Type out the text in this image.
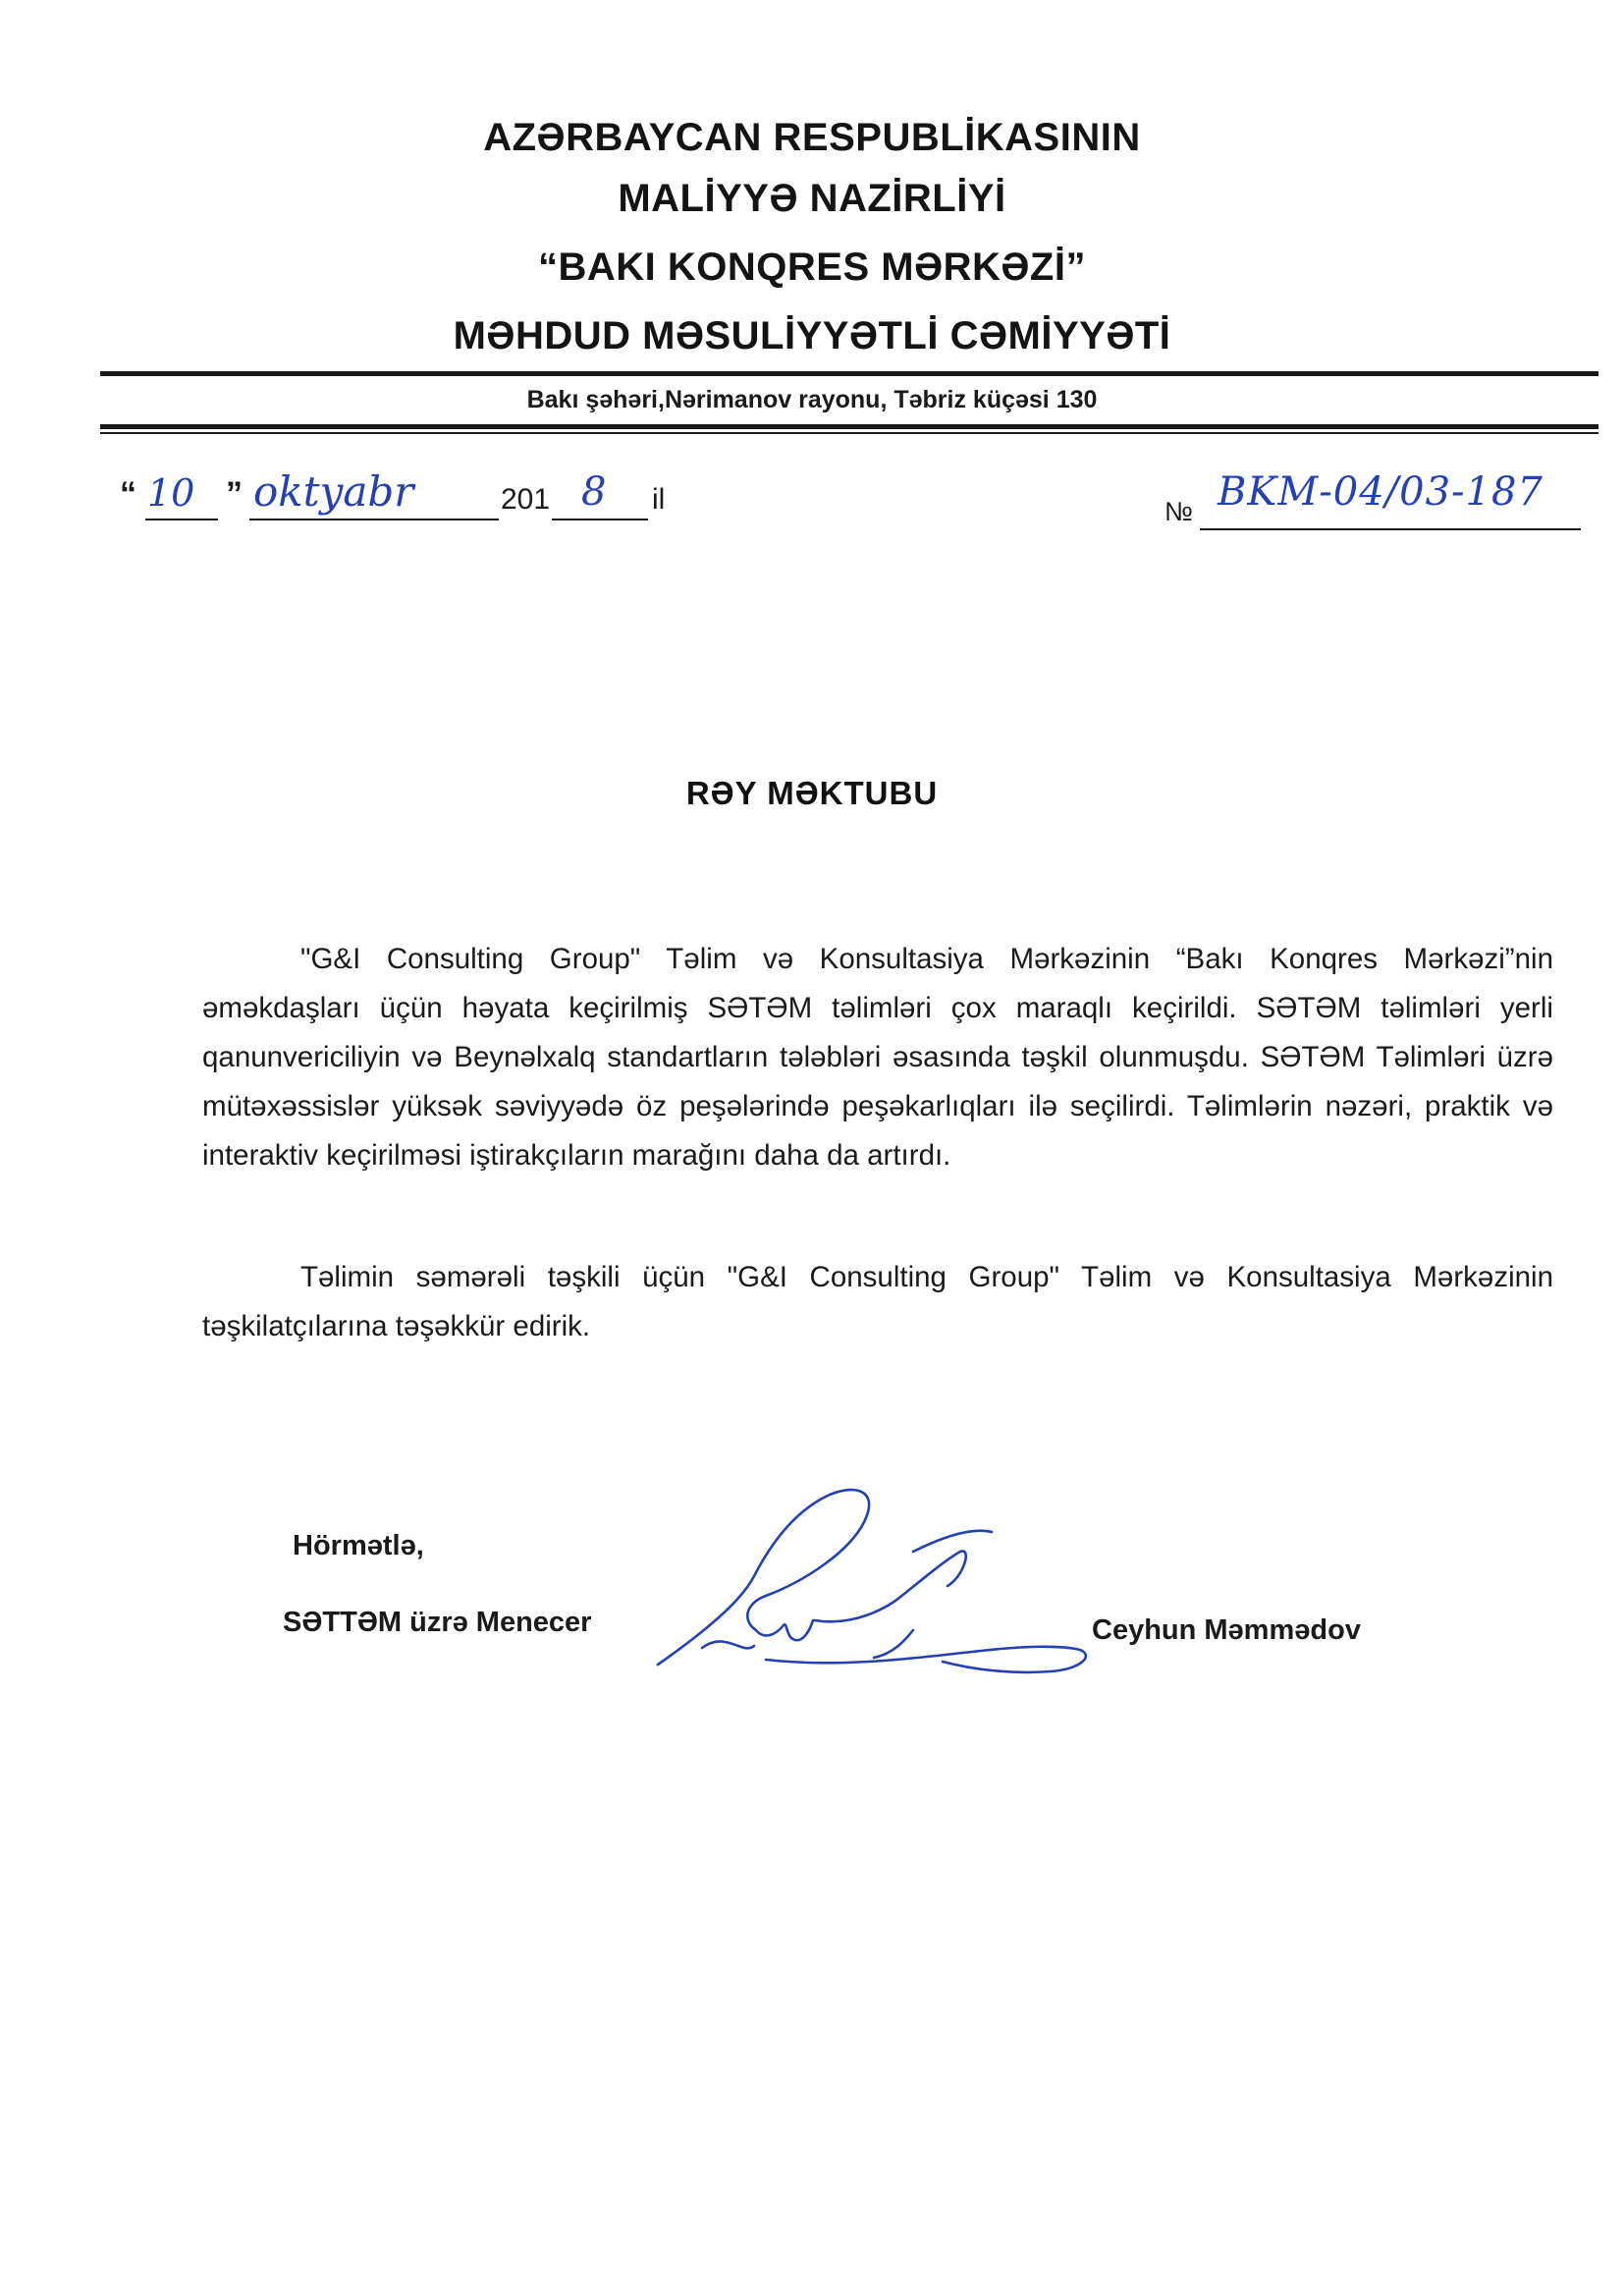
AZƏRBAYCAN RESPUBLİKASININ
MALİYYƏ NAZİRLİYİ
“BAKI KONQRES MƏRKƏZİ”
MƏHDUD MƏSULİYYƏTLİ CƏMİYYƏTİ
Bakı şəhəri,Nərimanov rayonu, Təbriz küçəsi 130
“ 10 ” oktyabr	201 8 il	№ BKM-04/03-187
RƏY MƏKTUBU
"G&I Consulting Group" Təlim və Konsultasiya Mərkəzinin “Bakı Konqres Mərkəzi”nin əməkdaşları üçün həyata keçirilmiş SƏTƏM təlimləri çox maraqlı keçirildi. SƏTƏM təlimləri yerli qanunvericiliyin və Beynəlxalq standartların tələbləri əsasında təşkil olunmuşdu. SƏTƏM Təlimləri üzrə mütəxəssislər yüksək səviyyədə öz peşələrində peşəkarlıqları ilə seçilirdi. Təlimlərin nəzəri, praktik və interaktiv keçirilməsi iştirakçıların marağını daha da artırdı.
Təlimin səmərəli təşkili üçün "G&I Consulting Group" Təlim və Konsultasiya Mərkəzinin təşkilatçılarına təşəkkür edirik.
Hörmətlə,
SƏTTƏM üzrə Menecer	Ceyhun Məmmədov
